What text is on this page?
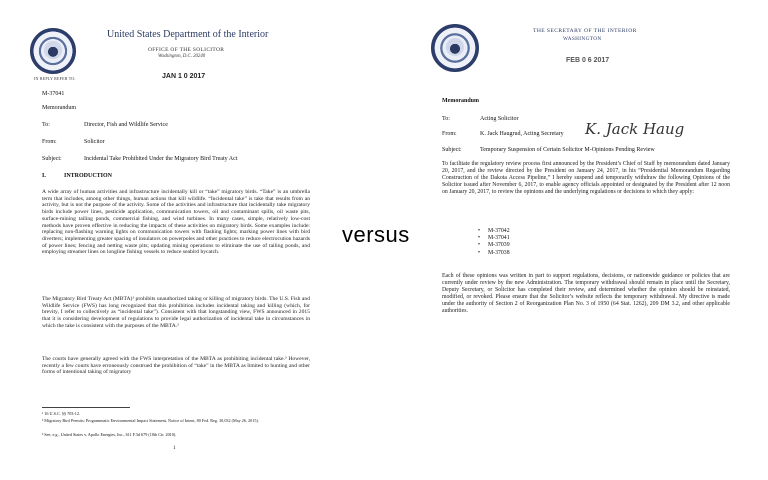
United States Department of the Interior
OFFICE OF THE SOLICITOR
Washington, D.C. 20240
IN REPLY REFER TO:	JAN 1 0 2017
M-37041
Memorandum
To:	Director, Fish and Wildlife Service
From:	Solicitor
Subject:	Incidental Take Prohibited Under the Migratory Bird Treaty Act
I.	INTRODUCTION
A wide array of human activities and infrastructure incidentally kill or “take” migratory birds. “Take” is an umbrella term that includes, among other things, human actions that kill wildlife. “Incidental take” is take that results from an activity, but is not the purpose of the activity. Some of the activities and infrastructure that incidentally take migratory birds include power lines, pesticide application, communication towers, oil and contaminant spills, oil waste pits, surface-mining tailing ponds, commercial fishing, and wind turbines. In many cases, simple, relatively low-cost methods have proven effective in reducing the impacts of these activities on migratory birds. Some examples include: replacing non-flashing warning lights on communication towers with flashing lights; marking power lines with bird diverters; implementing greater spacing of insulators on powerpoles and other practices to reduce electrocution hazards of power lines; fencing and netting waste pits; updating mining operations to eliminate the use of tailing ponds, and employing streamer lines on longline fishing vessels to reduce seabird bycatch.
The Migratory Bird Treaty Act (MBTA)¹ prohibits unauthorized taking or killing of migratory birds. The U.S. Fish and Wildlife Service (FWS) has long recognized that this prohibition includes incidental taking and killing (which, for brevity, I refer to collectively as “incidental take”). Consistent with that longstanding view, FWS announced in 2015 that it is considering development of regulations to provide legal authorization of incidental take in circumstances in which the take is consistent with the purposes of the MBTA.²
The courts have generally agreed with the FWS interpretation of the MBTA as prohibiting incidental take.³ However, recently a few courts have erroneously construed the prohibition of “take” in the MBTA as limited to hunting and other forms of intentional taking of migratory
¹ 16 U.S.C. §§ 703-12.
² Migratory Bird Permits; Programmatic Environmental Impact Statement, Notice of Intent, 80 Fed. Reg. 30,032 (May 26, 2015).
³ See, e.g., United States v. Apollo Energies, Inc., 611 F.3d 679 (10th Cir. 2010).
1
versus
THE SECRETARY OF THE INTERIOR
WASHINGTON
FEB 0 6 2017
Memorandum
To:	Acting Solicitor
From:	K. Jack Haugrud, Acting Secretary K. Jack Haug
Subject:	Temporary Suspension of Certain Solicitor M-Opinions Pending Review
To facilitate the regulatory review process first announced by the President’s Chief of Staff by memorandum dated January 20, 2017, and the review directed by the President on January 24, 2017, in his “Presidential Memorandum Regarding Construction of the Dakota Access Pipeline,” I hereby suspend and temporarily withdraw the following Opinions of the Solicitor issued after November 6, 2017, to enable agency officials appointed or designated by the President after 12 noon on January 20, 2017, to review the opinions and the underlying regulations or decisions to which they apply:
• M-37042
• M-37041
• M-37039
• M-37038
Each of these opinions was written in part to support regulations, decisions, or nationwide guidance or policies that are currently under review by the new Administration. The temporary withdrawal should remain in place until the Secretary, Deputy Secretary, or Solicitor has completed their review, and determined whether the opinion should be reinstated, modified, or revoked. Please ensure that the Solicitor’s website reflects the temporary withdrawal. My directive is made under the authority of Section 2 of Reorganization Plan No. 3 of 1950 (64 Stat. 1262), 209 DM 3.2, and other applicable authorities.
